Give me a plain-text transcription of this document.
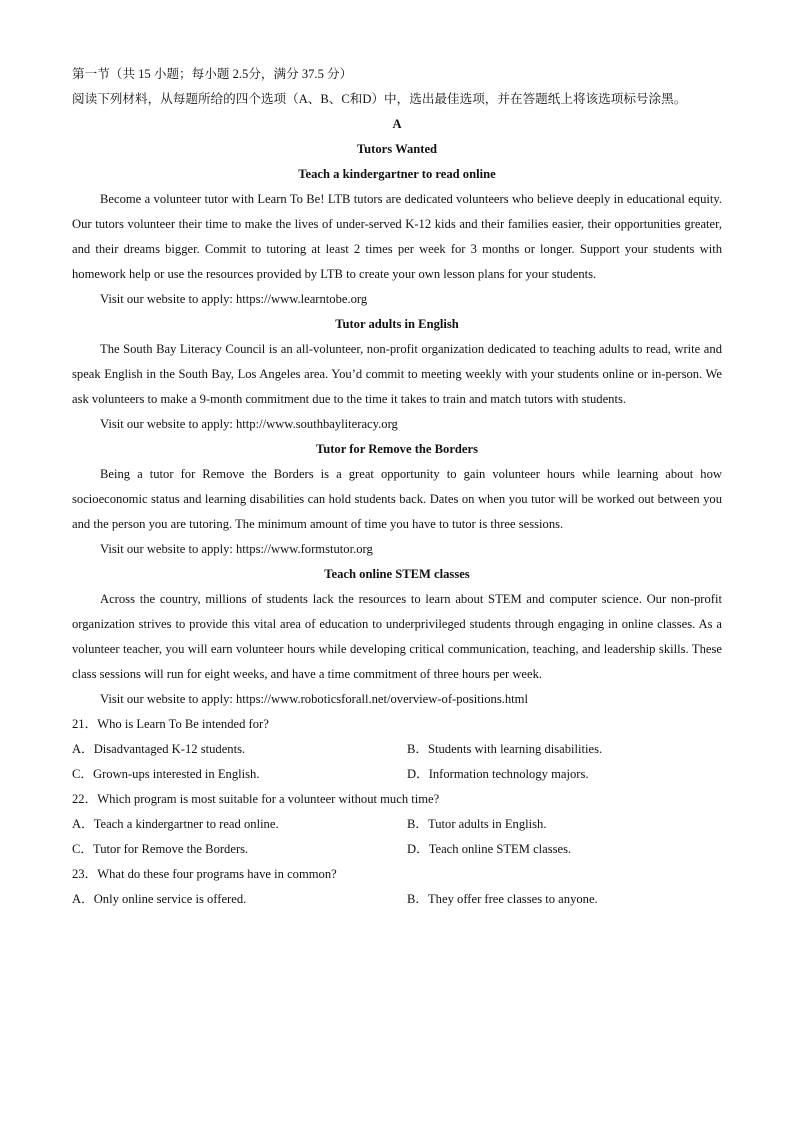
第一节（共 15 小题；每小题 2.5分，满分 37.5 分）
阅读下列材料，从每题所给的四个选项（A、B、C和D）中，选出最佳选项，并在答题纸上将该选项标号涂黑。
A
Tutors Wanted
Teach a kindergartner to read online
Become a volunteer tutor with Learn To Be! LTB tutors are dedicated volunteers who believe deeply in educational equity. Our tutors volunteer their time to make the lives of under-served K-12 kids and their families easier, their opportunities greater, and their dreams bigger. Commit to tutoring at least 2 times per week for 3 months or longer. Support your students with homework help or use the resources provided by LTB to create your own lesson plans for your students.
Visit our website to apply: https://www.learntobe.org
Tutor adults in English
The South Bay Literacy Council is an all-volunteer, non-profit organization dedicated to teaching adults to read, write and speak English in the South Bay, Los Angeles area. You’d commit to meeting weekly with your students online or in-person. We ask volunteers to make a 9-month commitment due to the time it takes to train and match tutors with students.
Visit our website to apply: http://www.southbayliteracy.org
Tutor for Remove the Borders
Being a tutor for Remove the Borders is a great opportunity to gain volunteer hours while learning about how socioeconomic status and learning disabilities can hold students back. Dates on when you tutor will be worked out between you and the person you are tutoring. The minimum amount of time you have to tutor is three sessions.
Visit our website to apply: https://www.formstutor.org
Teach online STEM classes
Across the country, millions of students lack the resources to learn about STEM and computer science. Our non-profit organization strives to provide this vital area of education to underprivileged students through engaging in online classes. As a volunteer teacher, you will earn volunteer hours while developing critical communication, teaching, and leadership skills. These class sessions will run for eight weeks, and have a time commitment of three hours per week.
Visit our website to apply: https://www.roboticsforall.net/overview-of-positions.html
21．Who is Learn To Be intended for?
A．Disadvantaged K-12 students.	B．Students with learning disabilities.
C．Grown-ups interested in English.	D．Information technology majors.
22．Which program is most suitable for a volunteer without much time?
A．Teach a kindergartner to read online.	B．Tutor adults in English.
C．Tutor for Remove the Borders.	D．Teach online STEM classes.
23．What do these four programs have in common?
A．Only online service is offered.	B．They offer free classes to anyone.
